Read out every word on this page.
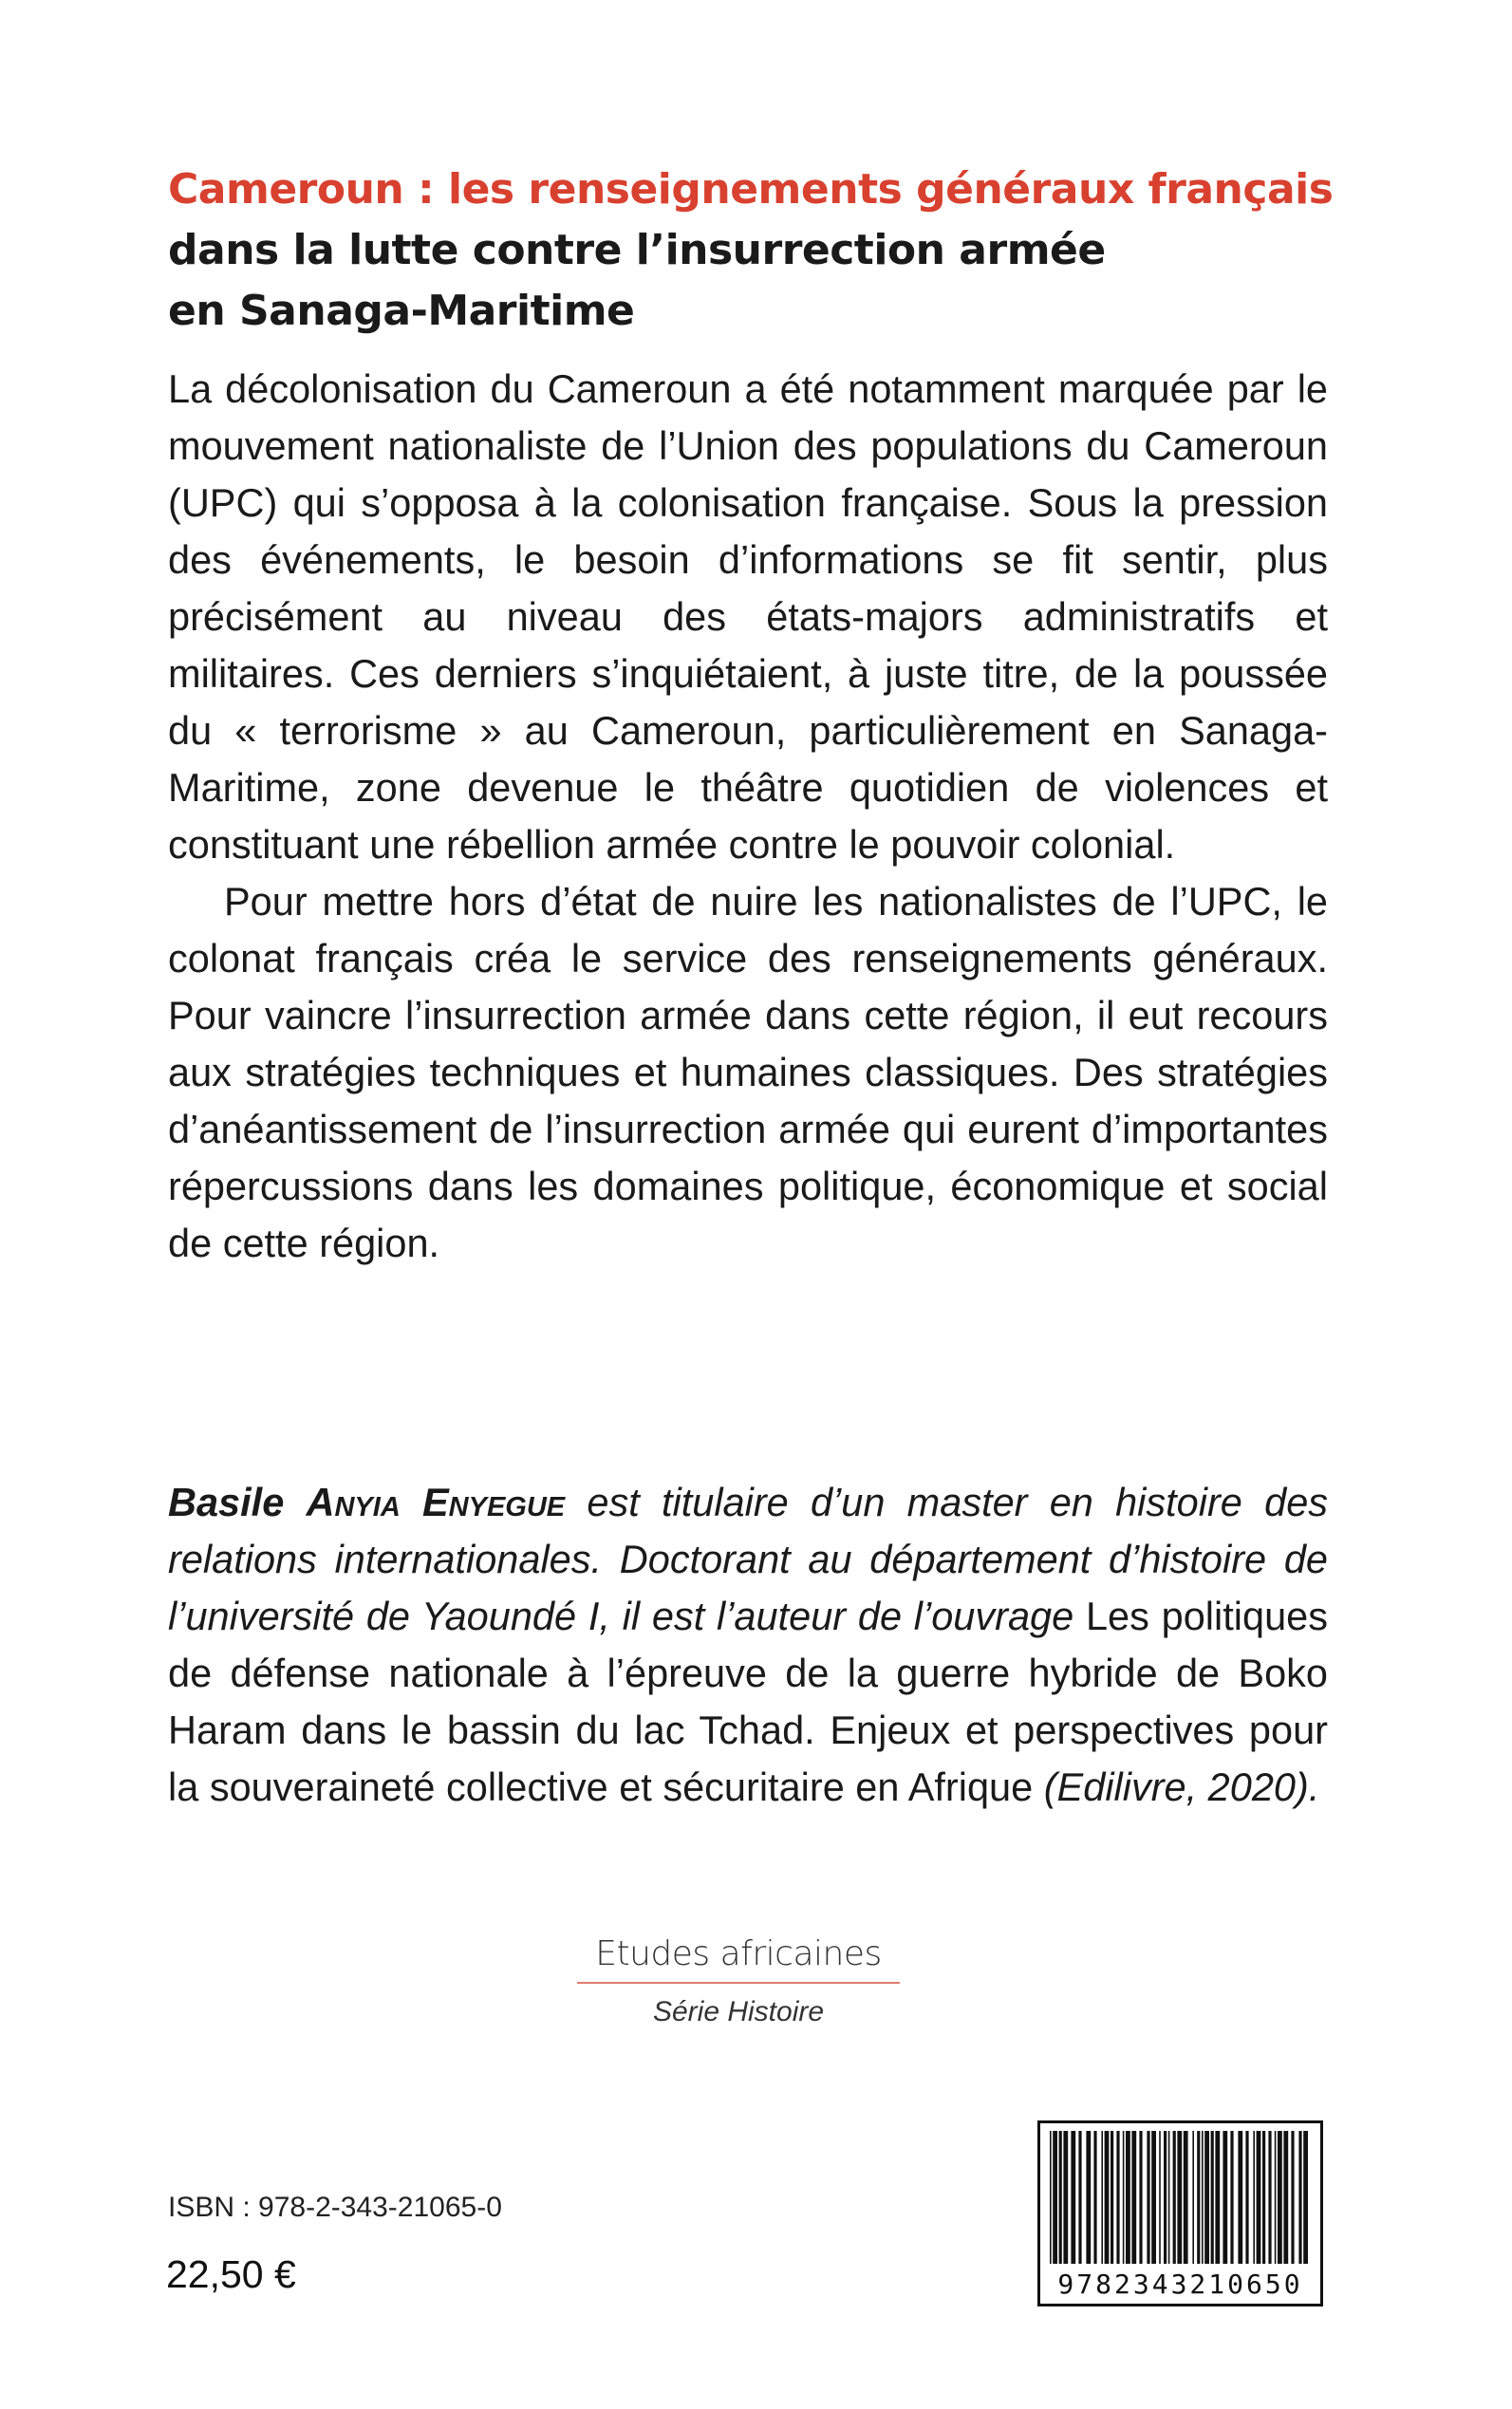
Cameroun : les renseignements généraux français
dans la lutte contre l’insurrection armée
en Sanaga-Maritime

La décolonisation du Cameroun a été notamment marquée par le mouvement nationaliste de l’Union des populations du Cameroun (UPC) qui s’opposa à la colonisation française. Sous la pression des événements, le besoin d’informations se fit sentir, plus précisément au niveau des états-majors administratifs et militaires. Ces derniers s’inquiétaient, à juste titre, de la poussée du « terrorisme » au Cameroun, particulièrement en Sanaga-Maritime, zone devenue le théâtre quotidien de violences et constituant une rébellion armée contre le pouvoir colonial.

Pour mettre hors d’état de nuire les nationalistes de l’UPC, le colonat français créa le service des renseignements généraux. Pour vaincre l’insurrection armée dans cette région, il eut recours aux stratégies techniques et humaines classiques. Des stratégies d’anéantissement de l’insurrection armée qui eurent d’importantes répercussions dans les domaines politique, économique et social de cette région.

Basile Anyia Enyegue est titulaire d’un master en histoire des relations internationales. Doctorant au département d’histoire de l’université de Yaoundé I, il est l’auteur de l’ouvrage Les politiques de défense nationale à l’épreuve de la guerre hybride de Boko Haram dans le bassin du lac Tchad. Enjeux et perspectives pour la souveraineté collective et sécuritaire en Afrique (Edilivre, 2020).

Etudes africaines
Série Histoire
ISBN : 978-2-343-21065-0
22,50 €	9782343210650
